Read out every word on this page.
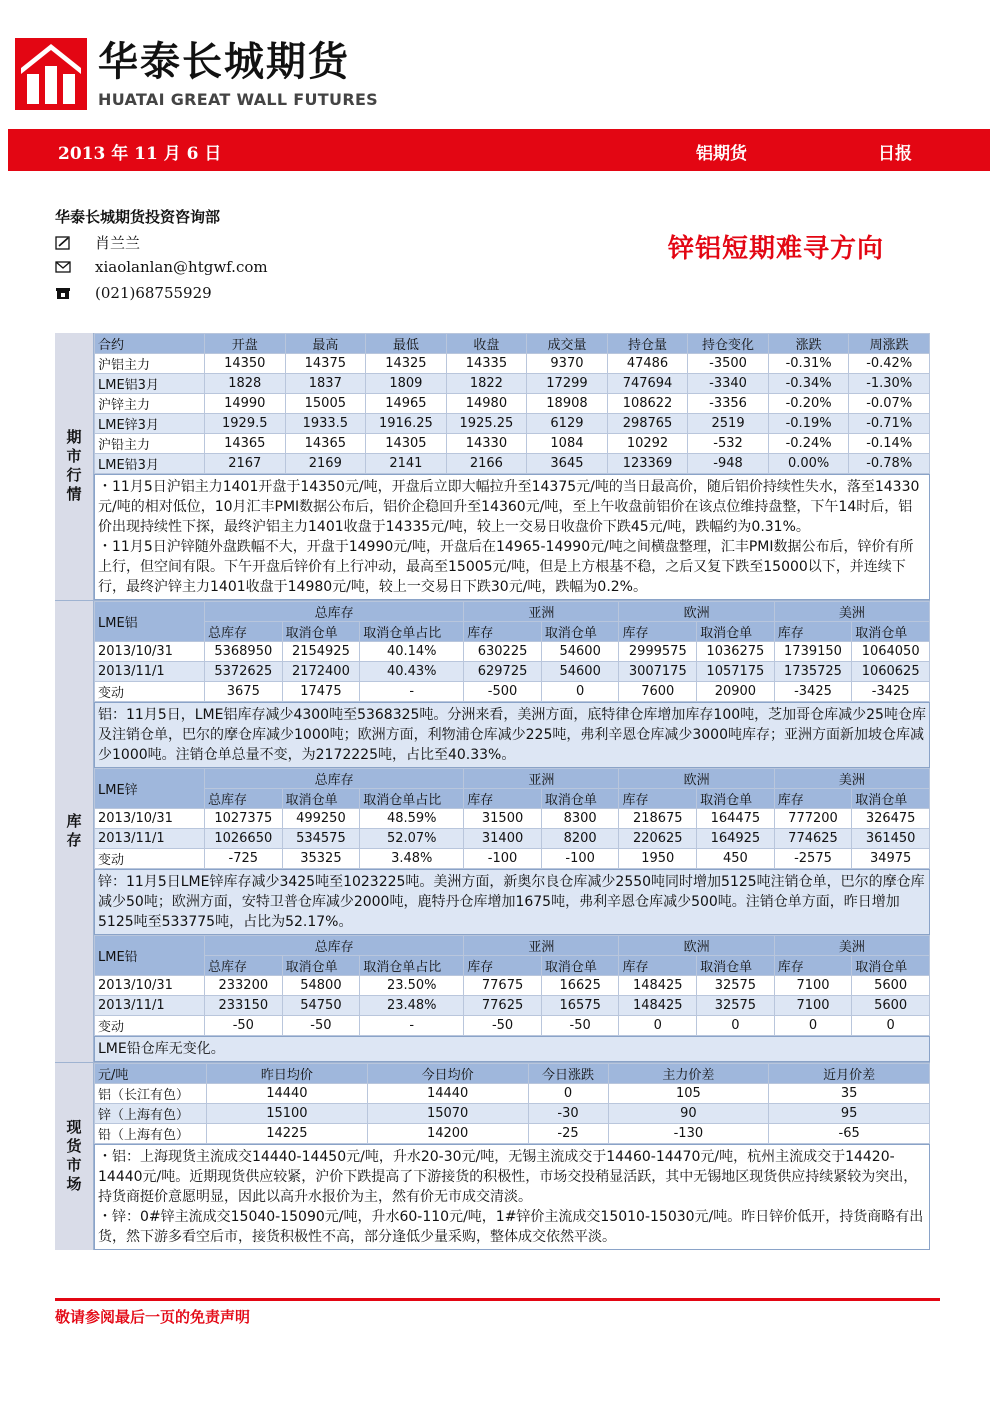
华泰长城期货
HUATAI GREAT WALL FUTURES
2013 年 11 月 6 日	铝期货	日报
华泰长城期货投资咨询部
肖兰兰
xiaolanlan@htgwf.com
(021)68755929
锌铝短期难寻方向
期市行情
合约	开盘	最高	最低	收盘	成交量	持仓量	持仓变化	涨跌	周涨跌
沪铝主力	14350	14375	14325	14335	9370	47486	-3500	-0.31%	-0.42%
LME铝3月	1828	1837	1809	1822	17299	747694	-3340	-0.34%	-1.30%
沪锌主力	14990	15005	14965	14980	18908	108622	-3356	-0.20%	-0.07%
LME锌3月	1929.5	1933.5	1916.25	1925.25	6129	298765	2519	-0.19%	-0.71%
沪铅主力	14365	14365	14305	14330	1084	10292	-532	-0.24%	-0.14%
LME铅3月	2167	2169	2141	2166	3645	123369	-948	0.00%	-0.78%
・11月5日沪铝主力1401开盘于14350元/吨，开盘后立即大幅拉升至14375元/吨的当日最高价，随后铝价持续性失水，落至14330元/吨的相对低位，10月汇丰PMI数据公布后，铝价企稳回升至14360元/吨，至上午收盘前铝价在该点位维持盘整，下午14时后，铝价出现持续性下探，最终沪铝主力1401收盘于14335元/吨，较上一交易日收盘价下跌45元/吨，跌幅约为0.31%。
・11月5日沪锌随外盘跌幅不大，开盘于14990元/吨，开盘后在14965-14990元/吨之间横盘整理，汇丰PMI数据公布后，锌价有所上行，但空间有限。下午开盘后锌价有上行冲动，最高至15005元/吨，但是上方根基不稳，之后又复下跌至15000以下，并连续下行，最终沪锌主力1401收盘于14980元/吨，较上一交易日下跌30元/吨，跌幅为0.2%。
库存
LME铝	总库存			亚洲		欧洲		美洲	
	总库存	取消仓单	取消仓单占比	库存	取消仓单	库存	取消仓单	库存	取消仓单
2013/10/31	5368950	2154925	40.14%	630225	54600	2999575	1036275	1739150	1064050
2013/11/1	5372625	2172400	40.43%	629725	54600	3007175	1057175	1735725	1060625
变动	3675	17475	-	-500	0	7600	20900	-3425	-3425
铝：11月5日，LME铝库存减少4300吨至5368325吨。分洲来看，美洲方面，底特律仓库增加库存100吨，芝加哥仓库减少25吨仓库及注销仓单，巴尔的摩仓库减少1000吨；欧洲方面，利物浦仓库减少225吨，弗利辛恩仓库减少3000吨库存；亚洲方面新加坡仓库减少1000吨。注销仓单总量不变，为2172225吨，占比至40.33%。
LME锌	总库存			亚洲		欧洲		美洲	
	总库存	取消仓单	取消仓单占比	库存	取消仓单	库存	取消仓单	库存	取消仓单
2013/10/31	1027375	499250	48.59%	31500	8300	218675	164475	777200	326475
2013/11/1	1026650	534575	52.07%	31400	8200	220625	164925	774625	361450
变动	-725	35325	3.48%	-100	-100	1950	450	-2575	34975
锌：11月5日LME锌库存减少3425吨至1023225吨。美洲方面，新奥尔良仓库减少2550吨同时增加5125吨注销仓单，巴尔的摩仓库减少50吨；欧洲方面，安特卫普仓库减少2000吨，鹿特丹仓库增加1675吨，弗利辛恩仓库减少500吨。注销仓单方面，昨日增加5125吨至533775吨，占比为52.17%。
LME铅	总库存			亚洲		欧洲		美洲	
	总库存	取消仓单	取消仓单占比	库存	取消仓单	库存	取消仓单	库存	取消仓单
2013/10/31	233200	54800	23.50%	77675	16625	148425	32575	7100	5600
2013/11/1	233150	54750	23.48%	77625	16575	148425	32575	7100	5600
变动	-50	-50	-	-50	-50	0	0	0	0
LME铅仓库无变化。
现货市场
元/吨	昨日均价	今日均价	今日涨跌	主力价差	近月价差
铝（长江有色）	14440	14440	0	105	35
锌（上海有色）	15100	15070	-30	90	95
铅（上海有色）	14225	14200	-25	-130	-65
・铝：上海现货主流成交14440-14450元/吨，升水20-30元/吨，无锡主流成交于14460-14470元/吨，杭州主流成交于14420-14440元/吨。近期现货供应较紧，沪价下跌提高了下游接货的积极性，市场交投稍显活跃，其中无锡地区现货供应持续紧较为突出，持货商挺价意愿明显，因此以高升水报价为主，然有价无市成交清淡。
・锌：0#锌主流成交15040-15090元/吨，升水60-110元/吨，1#锌价主流成交15010-15030元/吨。昨日锌价低开，持货商略有出货，然下游多看空后市，接货积极性不高，部分逢低少量采购，整体成交依然平淡。
敬请参阅最后一页的免责声明
